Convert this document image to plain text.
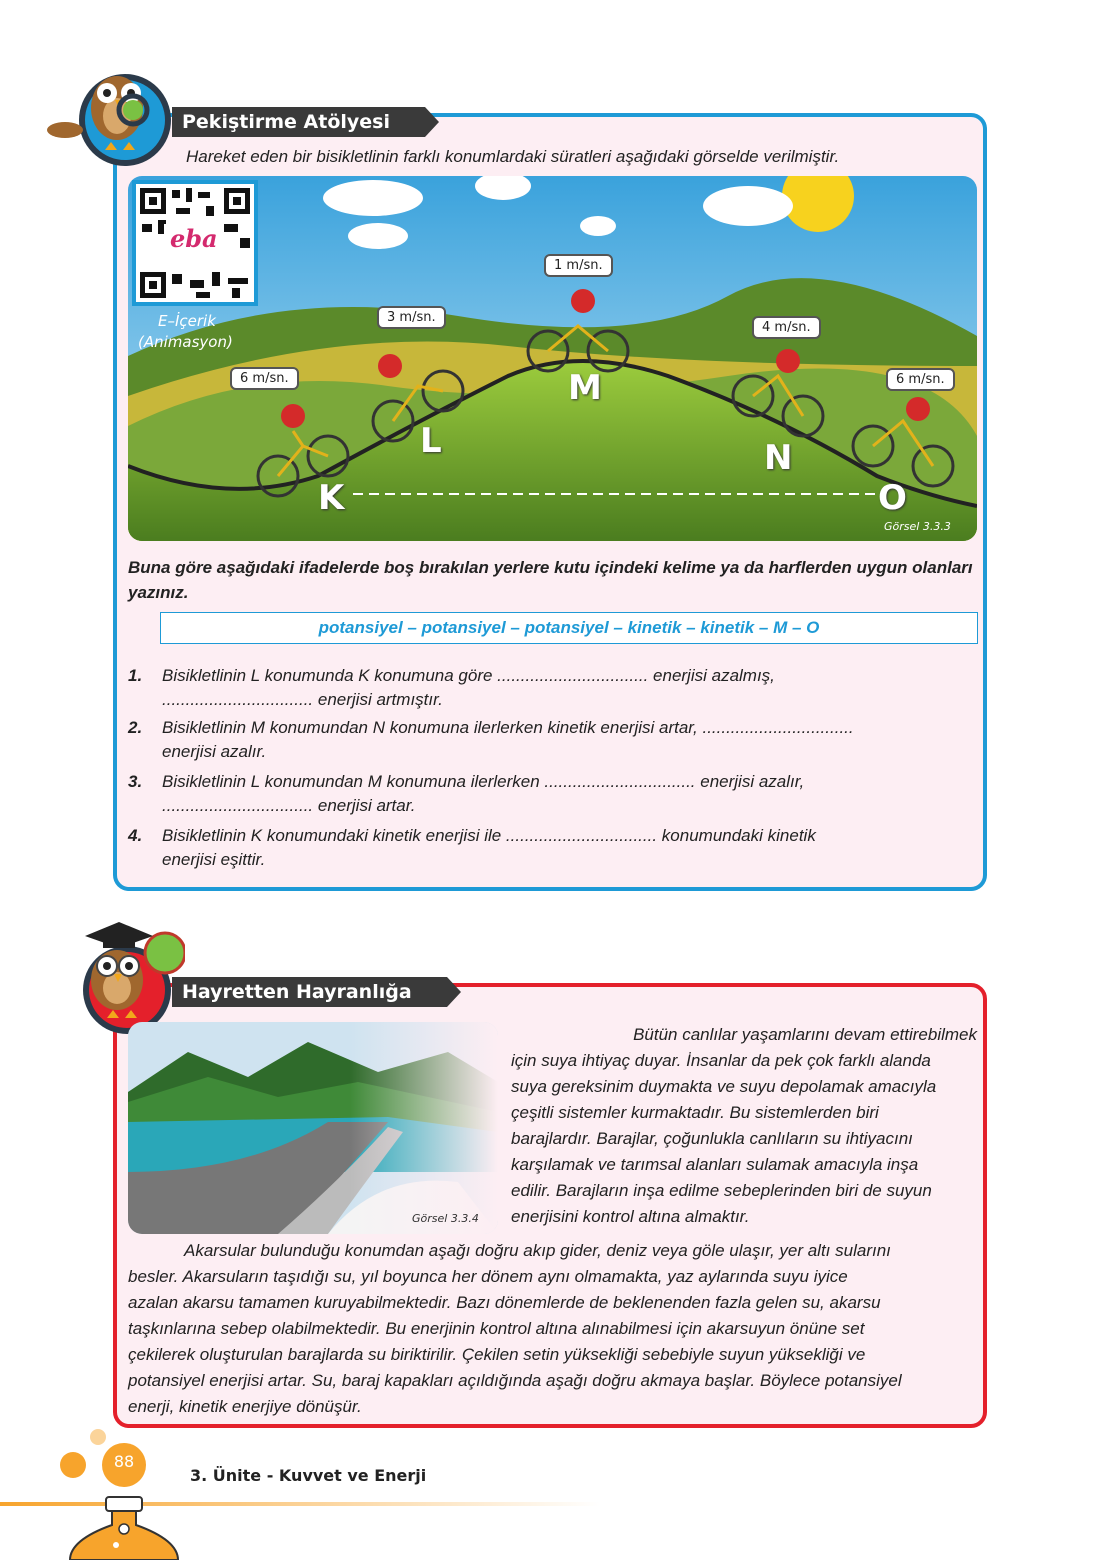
Pekiştirme Atölyesi
Hareket eden bir bisikletlinin farklı konumlardaki süratleri aşağıdaki görselde verilmiştir.
eba
E–İçerik
(Animasyon)
6 m/sn.
3 m/sn.
1 m/sn.
4 m/sn.
6 m/sn.
K
L
M
N
O
Görsel 3.3.3
Buna göre aşağıdaki ifadelerde boş bırakılan yerlere kutu içindeki kelime ya da harflerden uygun olanları yazınız.
potansiyel – potansiyel – potansiyel – kinetik – kinetik – M – O
1. Bisikletlinin L konumunda K konumuna göre ................................ enerjisi azalmış,
................................ enerjisi artmıştır.
2. Bisikletlinin M konumundan N konumuna ilerlerken kinetik enerjisi artar, ................................
enerjisi azalır.
3. Bisikletlinin L konumundan M konumuna ilerlerken ................................ enerjisi azalır,
................................ enerjisi artar.
4. Bisikletlinin K konumundaki kinetik enerjisi ile ................................ konumundaki kinetik
enerjisi eşittir.
Hayretten Hayranlığa
Görsel 3.3.4
Bütün canlılar yaşamlarını devam ettirebilmek
için suya ihtiyaç duyar. İnsanlar da pek çok farklı alanda
suya gereksinim duymakta ve suyu depolamak amacıyla
çeşitli sistemler kurmaktadır. Bu sistemlerden biri
barajlardır. Barajlar, çoğunlukla canlıların su ihtiyacını
karşılamak ve tarımsal alanları sulamak amacıyla inşa
edilir. Barajların inşa edilme sebeplerinden biri de suyun
enerjisini kontrol altına almaktır.
Akarsular bulunduğu konumdan aşağı doğru akıp gider, deniz veya göle ulaşır, yer altı sularını
besler. Akarsuların taşıdığı su, yıl boyunca her dönem aynı olmamakta, yaz aylarında suyu iyice
azalan akarsu tamamen kuruyabilmektedir. Bazı dönemlerde de beklenenden fazla gelen su, akarsu
taşkınlarına sebep olabilmektedir. Bu enerjinin kontrol altına alınabilmesi için akarsuyun önüne set
çekilerek oluşturulan barajlarda su biriktirilir. Çekilen setin yüksekliği sebebiyle suyun yüksekliği ve
potansiyel enerjisi artar. Su, baraj kapakları açıldığında aşağı doğru akmaya başlar. Böylece potansiyel
enerji, kinetik enerjiye dönüşür.
88
3. Ünite - Kuvvet ve Enerji
